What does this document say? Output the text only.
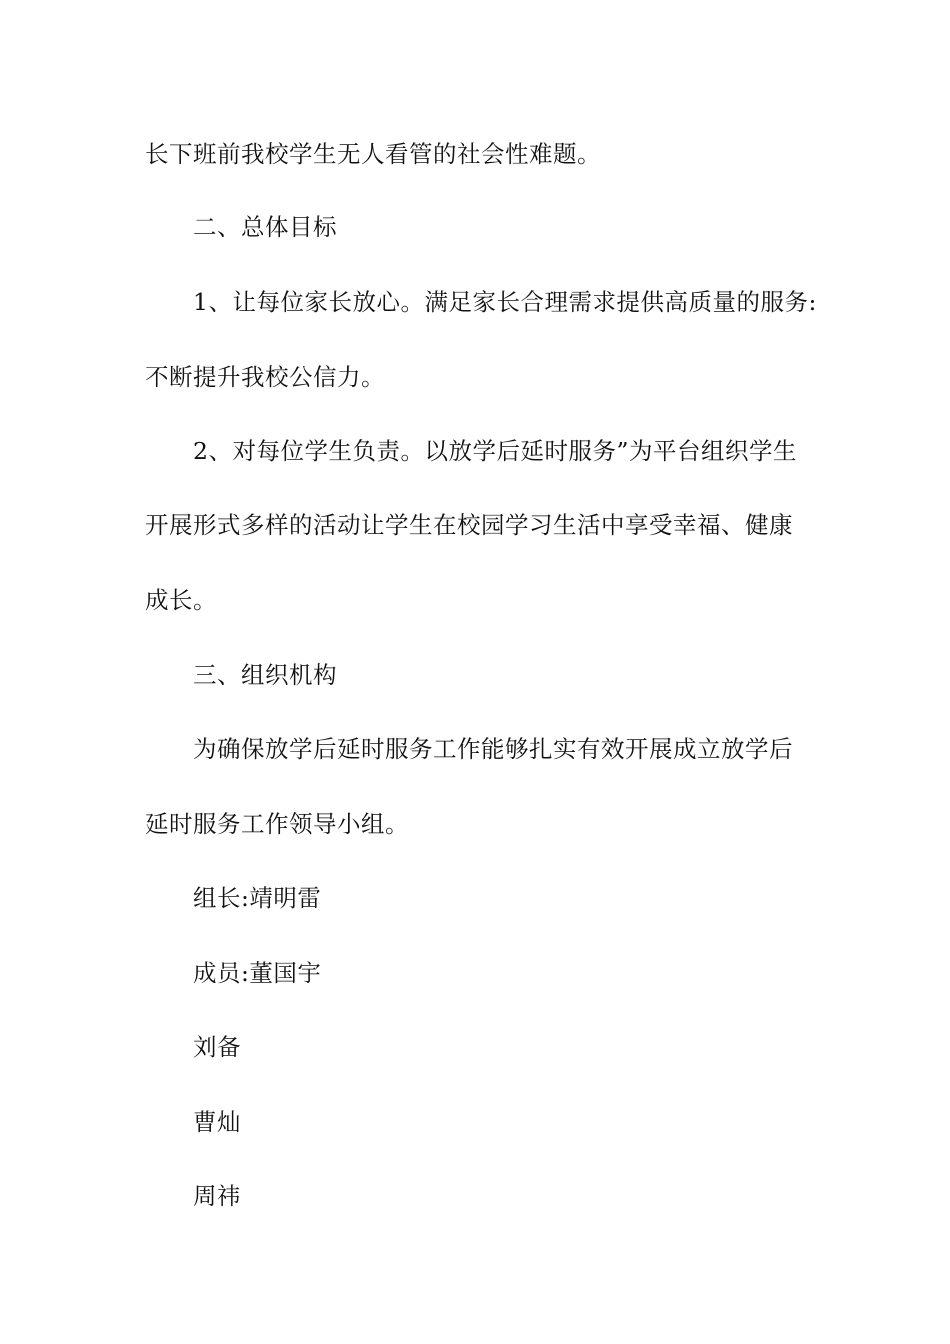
长下班前我校学生无人看管的社会性难题。
二、总体目标
1、让每位家长放心。满足家长合理需求提供高质量的服务:
不断提升我校公信力。
2、对每位学生负责。以放学后延时服务”为平台组织学生
开展形式多样的活动让学生在校园学习生活中享受幸福、健康
成长。
三、组织机构
为确保放学后延时服务工作能够扎实有效开展成立放学后
延时服务工作领导小组。
组长:靖明雷
成员:董国宇
刘备
曹灿
周祎
